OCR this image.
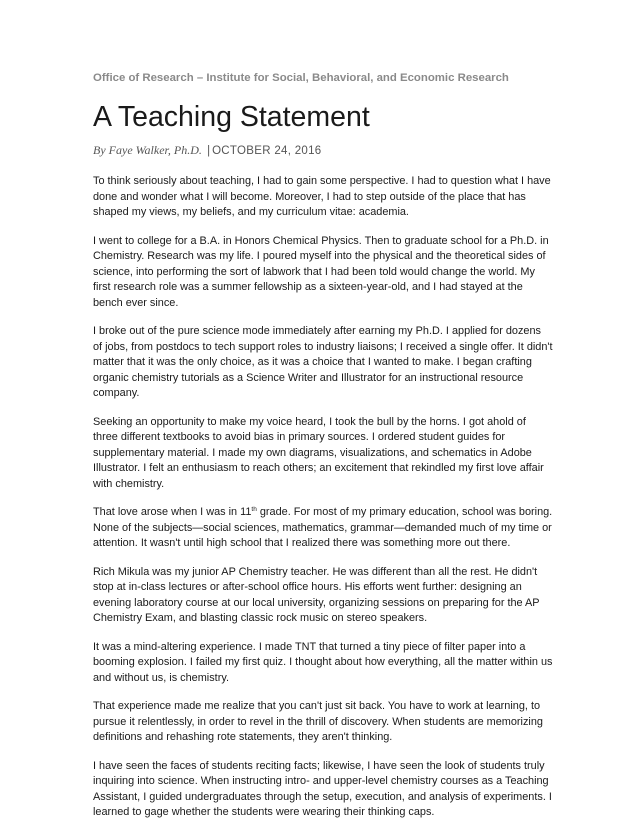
Office of Research – Institute for Social, Behavioral, and Economic Research

A Teaching Statement

By Faye Walker, Ph.D. | OCTOBER 24, 2016

To think seriously about teaching, I had to gain some perspective. I had to question what I have done and wonder what I will become. Moreover, I had to step outside of the place that has shaped my views, my beliefs, and my curriculum vitae: academia.

I went to college for a B.A. in Honors Chemical Physics. Then to graduate school for a Ph.D. in Chemistry. Research was my life. I poured myself into the physical and the theoretical sides of science, into performing the sort of labwork that I had been told would change the world. My first research role was a summer fellowship as a sixteen-year-old, and I had stayed at the bench ever since.

I broke out of the pure science mode immediately after earning my Ph.D. I applied for dozens of jobs, from postdocs to tech support roles to industry liaisons; I received a single offer. It didn't matter that it was the only choice, as it was a choice that I wanted to make. I began crafting organic chemistry tutorials as a Science Writer and Illustrator for an instructional resource company.

Seeking an opportunity to make my voice heard, I took the bull by the horns. I got ahold of three different textbooks to avoid bias in primary sources. I ordered student guides for supplementary material. I made my own diagrams, visualizations, and schematics in Adobe Illustrator. I felt an enthusiasm to reach others; an excitement that rekindled my first love affair with chemistry.

That love arose when I was in 11th grade. For most of my primary education, school was boring. None of the subjects—social sciences, mathematics, grammar—demanded much of my time or attention. It wasn't until high school that I realized there was something more out there.

Rich Mikula was my junior AP Chemistry teacher. He was different than all the rest. He didn't stop at in-class lectures or after-school office hours. His efforts went further: designing an evening laboratory course at our local university, organizing sessions on preparing for the AP Chemistry Exam, and blasting classic rock music on stereo speakers.

It was a mind-altering experience. I made TNT that turned a tiny piece of filter paper into a booming explosion. I failed my first quiz. I thought about how everything, all the matter within us and without us, is chemistry.

That experience made me realize that you can't just sit back. You have to work at learning, to pursue it relentlessly, in order to revel in the thrill of discovery. When students are memorizing definitions and rehashing rote statements, they aren't thinking.

I have seen the faces of students reciting facts; likewise, I have seen the look of students truly inquiring into science. When instructing intro- and upper-level chemistry courses as a Teaching Assistant, I guided undergraduates through the setup, execution, and analysis of experiments. I learned to gage whether the students were wearing their thinking caps.
